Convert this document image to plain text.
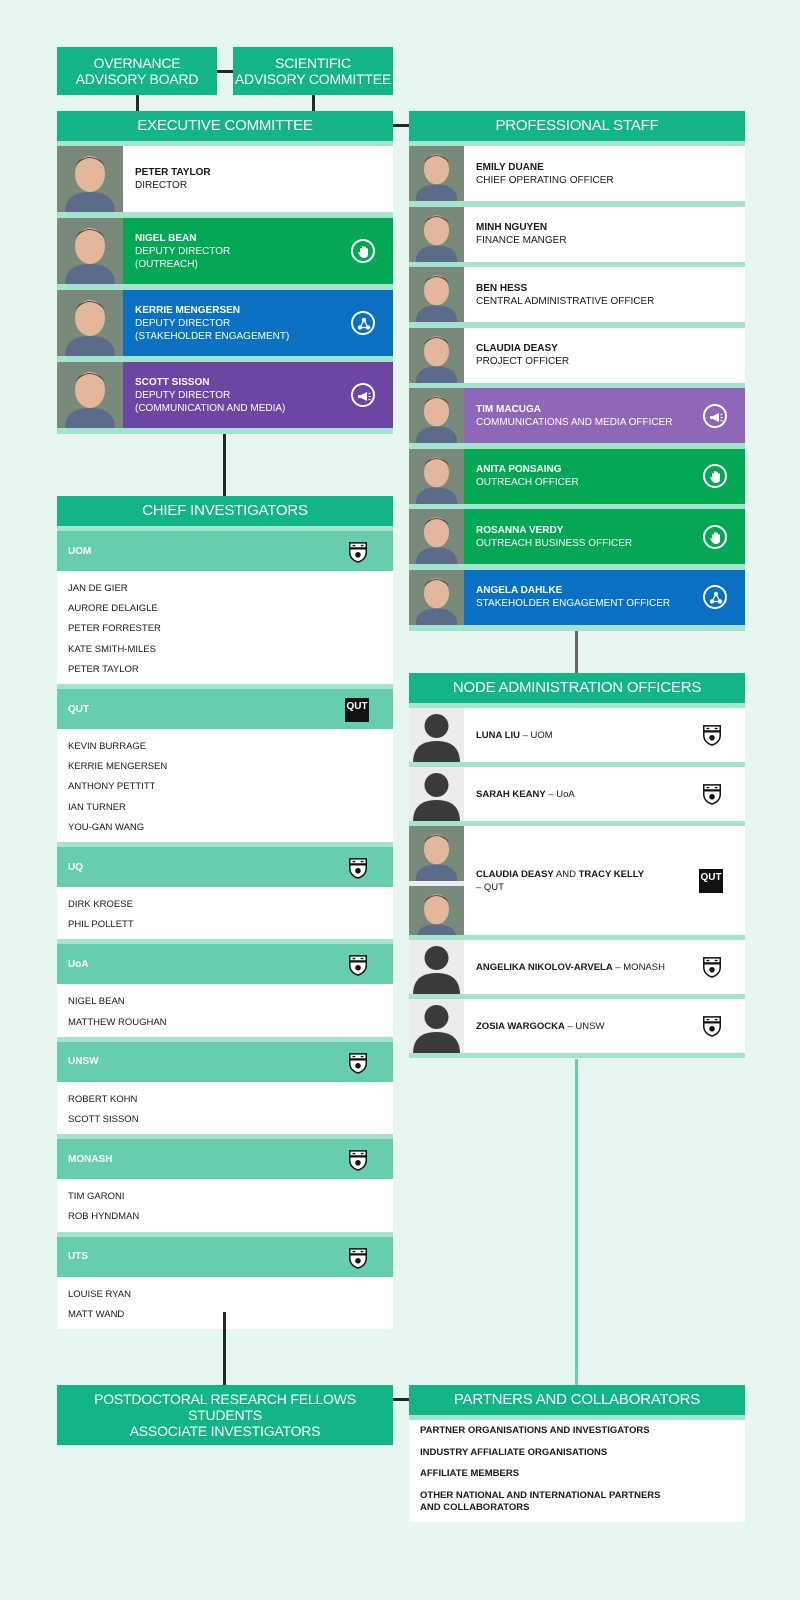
OVERNANCE
ADVISORY BOARD
SCIENTIFIC
ADVISORY COMMITTEE
EXECUTIVE COMMITTEE
PETER TAYLOR
DIRECTOR
NIGEL BEAN
DEPUTY DIRECTOR
(OUTREACH)
KERRIE MENGERSEN
DEPUTY DIRECTOR
(STAKEHOLDER ENGAGEMENT)
SCOTT SISSON
DEPUTY DIRECTOR
(COMMUNICATION AND MEDIA)
CHIEF INVESTIGATORS
UOM
JAN DE GIER
AURORE DELAIGLE
PETER FORRESTER
KATE SMITH-MILES
PETER TAYLOR
QUT	QUT
KEVIN BURRAGE
KERRIE MENGERSEN
ANTHONY PETTITT
IAN TURNER
YOU-GAN WANG
UQ
DIRK KROESE
PHIL POLLETT
UoA
NIGEL BEAN
MATTHEW ROUGHAN
UNSW
ROBERT KOHN
SCOTT SISSON
MONASH
TIM GARONI
ROB HYNDMAN
UTS
LOUISE RYAN
MATT WAND
PROFESSIONAL STAFF
EMILY DUANE
CHIEF OPERATING OFFICER
MINH NGUYEN
FINANCE MANGER
BEN HESS
CENTRAL ADMINISTRATIVE OFFICER
CLAUDIA DEASY
PROJECT OFFICER
TIM MACUGA
COMMUNICATIONS AND MEDIA OFFICER
ANITA PONSAING
OUTREACH OFFICER
ROSANNA VERDY
OUTREACH BUSINESS OFFICER
ANGELA DAHLKE
STAKEHOLDER ENGAGEMENT OFFICER
NODE ADMINISTRATION OFFICERS
LUNA LIU – UOM
SARAH KEANY – UoA
CLAUDIA DEASY AND TRACY KELLY
– QUT
QUT
ANGELIKA NIKOLOV-ARVELA – MONASH
ZOSIA WARGOCKA – UNSW
POSTDOCTORAL RESEARCH FELLOWS
STUDENTS
ASSOCIATE INVESTIGATORS
PARTNERS AND COLLABORATORS
PARTNER ORGANISATIONS AND INVESTIGATORS
INDUSTRY AFFIALIATE ORGANISATIONS
AFFILIATE MEMBERS
OTHER NATIONAL AND INTERNATIONAL PARTNERS
AND COLLABORATORS
